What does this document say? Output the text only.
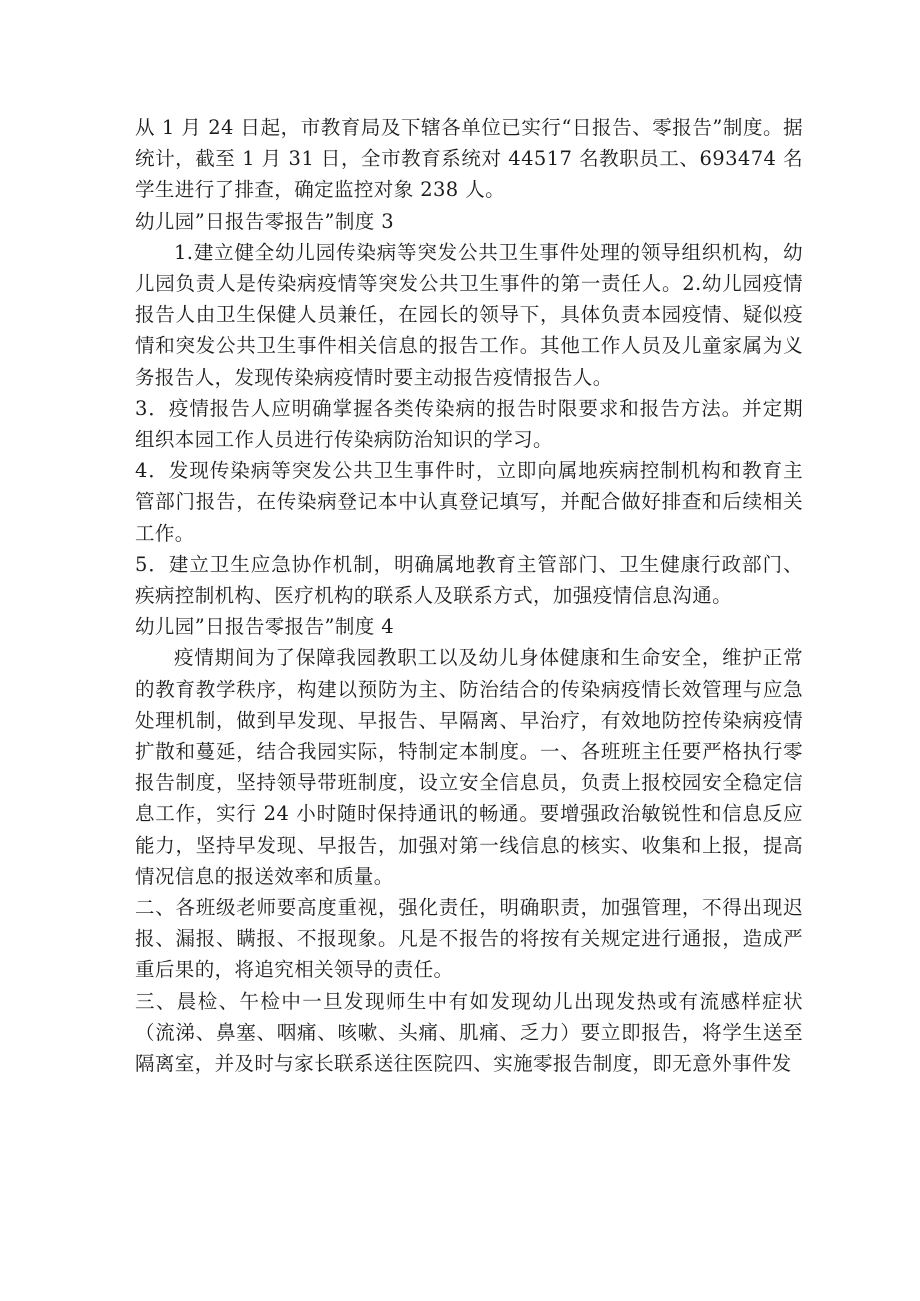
从 1 月 24 日起，市教育局及下辖各单位已实行“日报告、零报告”制度。据统计，截至 1 月 31 日，全市教育系统对 44517 名教职员工、693474 名学生进行了排查，确定监控对象 238 人。

幼儿园”日报告零报告”制度 3

1.建立健全幼儿园传染病等突发公共卫生事件处理的领导组织机构，幼儿园负责人是传染病疫情等突发公共卫生事件的第一责任人。2.幼儿园疫情报告人由卫生保健人员兼任，在园长的领导下，具体负责本园疫情、疑似疫情和突发公共卫生事件相关信息的报告工作。其他工作人员及儿童家属为义务报告人，发现传染病疫情时要主动报告疫情报告人。

3．疫情报告人应明确掌握各类传染病的报告时限要求和报告方法。并定期组织本园工作人员进行传染病防治知识的学习。

4．发现传染病等突发公共卫生事件时，立即向属地疾病控制机构和教育主管部门报告，在传染病登记本中认真登记填写，并配合做好排查和后续相关工作。

5．建立卫生应急协作机制，明确属地教育主管部门、卫生健康行政部门、疾病控制机构、医疗机构的联系人及联系方式，加强疫情信息沟通。

幼儿园”日报告零报告”制度 4

疫情期间为了保障我园教职工以及幼儿身体健康和生命安全，维护正常的教育教学秩序，构建以预防为主、防治结合的传染病疫情长效管理与应急处理机制，做到早发现、早报告、早隔离、早治疗，有效地防控传染病疫情扩散和蔓延，结合我园实际，特制定本制度。一、各班班主任要严格执行零报告制度，坚持领导带班制度，设立安全信息员，负责上报校园安全稳定信息工作，实行 24 小时随时保持通讯的畅通。要增强政治敏锐性和信息反应能力，坚持早发现、早报告，加强对第一线信息的核实、收集和上报，提高情况信息的报送效率和质量。

二、各班级老师要高度重视，强化责任，明确职责，加强管理，不得出现迟报、漏报、瞒报、不报现象。凡是不报告的将按有关规定进行通报，造成严重后果的，将追究相关领导的责任。

三、晨检、午检中一旦发现师生中有如发现幼儿出现发热或有流感样症状（流涕、鼻塞、咽痛、咳嗽、头痛、肌痛、乏力）要立即报告，将学生送至隔离室，并及时与家长联系送往医院四、实施零报告制度，即无意外事件发
